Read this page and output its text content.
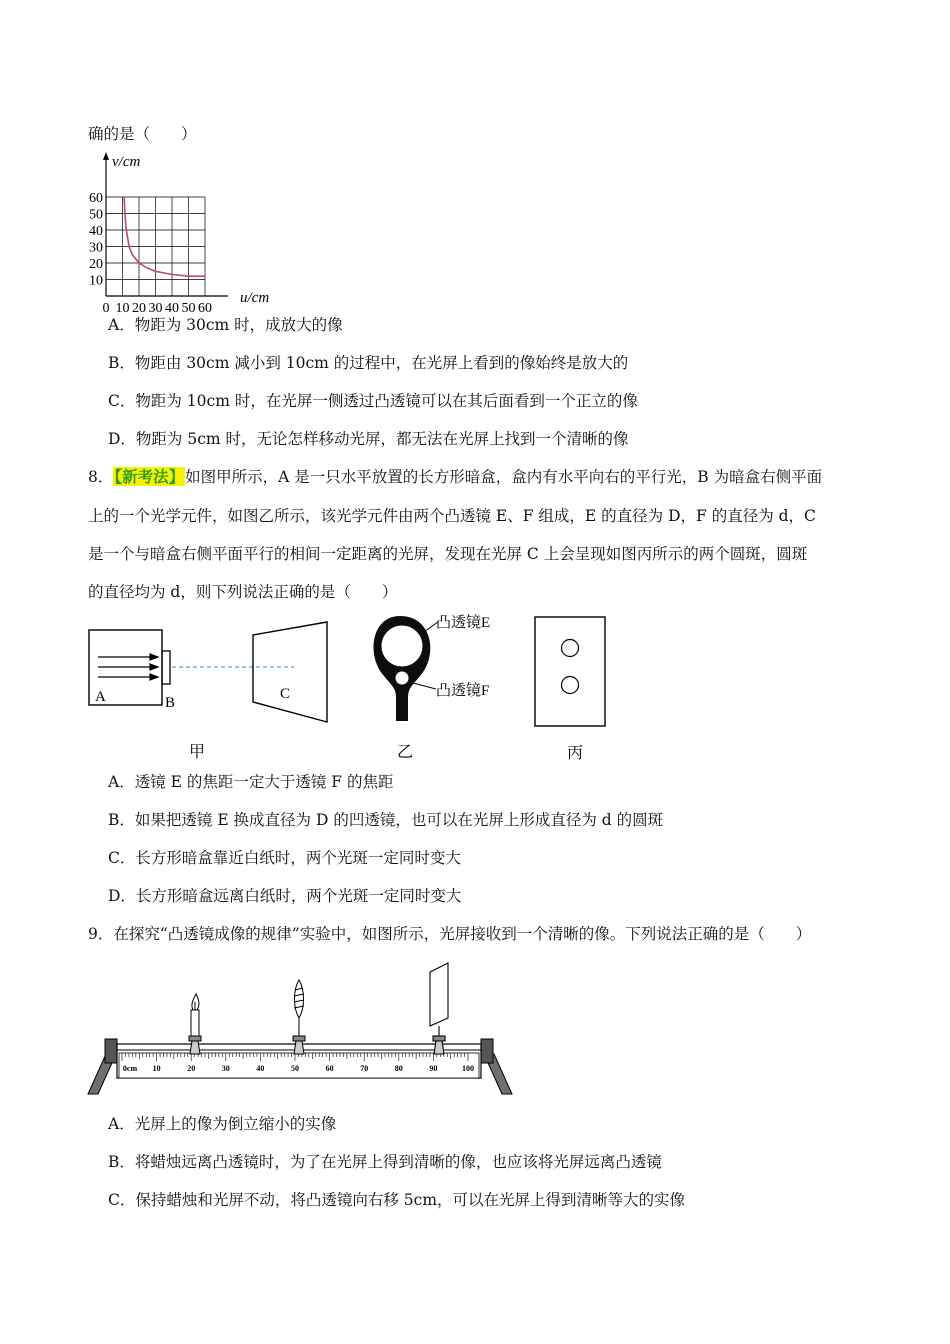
确的是（　　）
v/cm
60
50
40
30
20
10
0 10 20 30 40 50 60
u/cm
A．物距为 30cm 时，成放大的像
B．物距由 30cm 减小到 10cm 的过程中，在光屏上看到的像始终是放大的
C．物距为 10cm 时，在光屏一侧透过凸透镜可以在其后面看到一个正立的像
D．物距为 5cm 时，无论怎样移动光屏，都无法在光屏上找到一个清晰的像
8．【新考法】如图甲所示，A 是一只水平放置的长方形暗盒，盒内有水平向右的平行光，B 为暗盒右侧平面
上的一个光学元件，如图乙所示，该光学元件由两个凸透镜 E、F 组成，E 的直径为 D，F 的直径为 d，C
是一个与暗盒右侧平面平行的相间一定距离的光屏，发现在光屏 C 上会呈现如图丙所示的两个圆斑，圆斑
的直径均为 d，则下列说法正确的是（　　）
A	B
C
甲
凸透镜E
凸透镜F
乙	丙
A．透镜 E 的焦距一定大于透镜 F 的焦距
B．如果把透镜 E 换成直径为 D 的凹透镜，也可以在光屏上形成直径为 d 的圆斑
C．长方形暗盒靠近白纸时，两个光斑一定同时变大
D．长方形暗盒远离白纸时，两个光斑一定同时变大
9．在探究“凸透镜成像的规律”实验中，如图所示，光屏接收到一个清晰的像。下列说法正确的是（　　）
0cm 10	20	30	40	50	60	70	80	90	100
A．光屏上的像为倒立缩小的实像
B．将蜡烛远离凸透镜时，为了在光屏上得到清晰的像，也应该将光屏远离凸透镜
C．保持蜡烛和光屏不动，将凸透镜向右移 5cm，可以在光屏上得到清晰等大的实像
